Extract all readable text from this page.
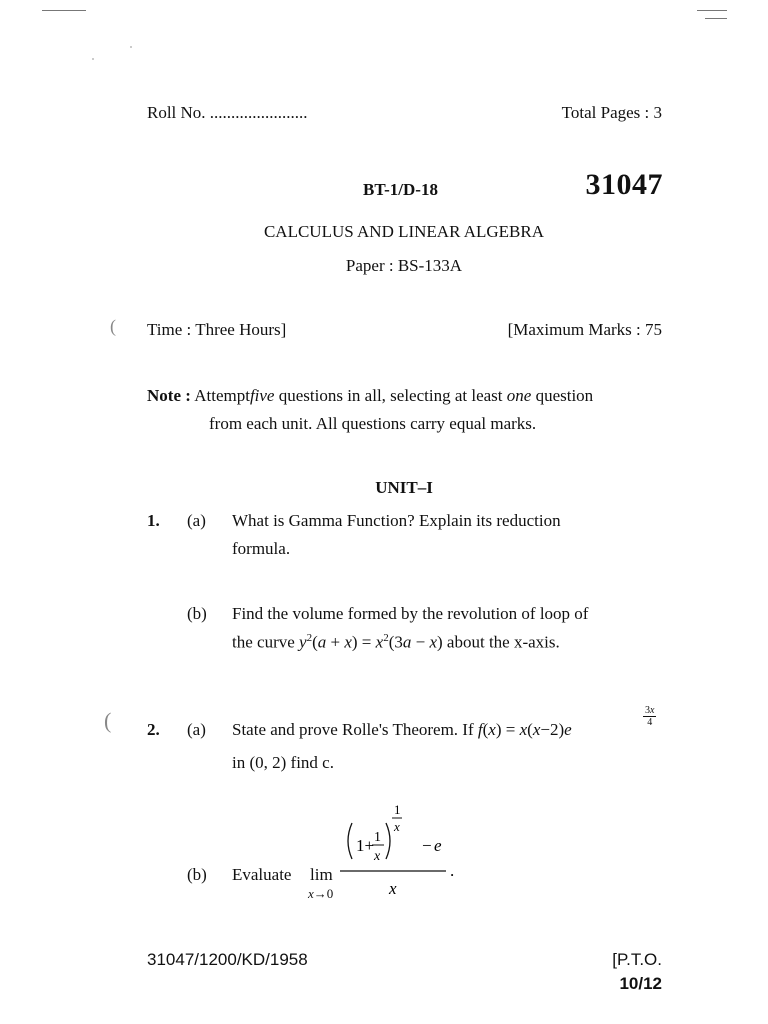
Roll No. .......................	Total Pages : 3
BT-1/D-18	31047
CALCULUS AND LINEAR ALGEBRA
Paper : BS-133A
Time : Three Hours]	[Maximum Marks : 75
Note : Attemptfive questions in all, selecting at least one question
from each unit. All questions carry equal marks.
UNIT–I
1.	(a)	What is Gamma Function? Explain its reduction
formula.
(b)	Find the volume formed by the revolution of loop of
the curve $y^2(a + x) = x^2(3a - x)$ about the x-axis.
2.	(a)	State and prove Rolle's Theorem. If f(x) = x(x−2)e
$\frac{3x}{4}$
in (0, 2) find c.
(b)	Evaluate lim
x→0
1+ 1
x
1
x
− e
x
.
31047/1200/KD/1958	[P.T.O.
10/12
(
(
